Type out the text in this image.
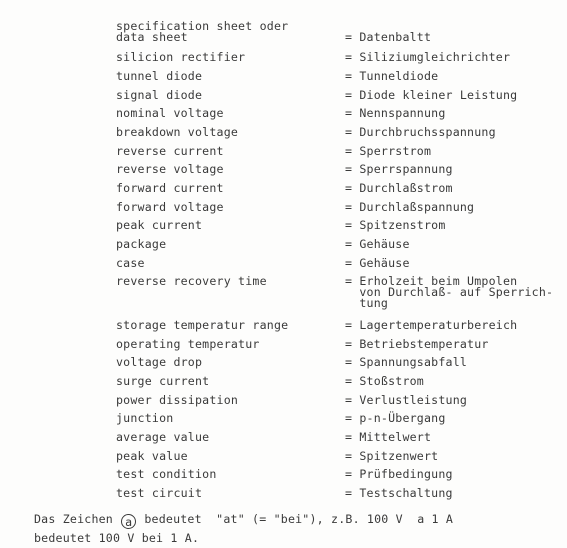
specification sheet oder
data sheet	= Datenbaltt
silicion rectifier	= Siliziumgleichrichter
tunnel diode	= Tunneldiode
signal diode	= Diode kleiner Leistung
nominal voltage	= Nennspannung
breakdown voltage	= Durchbruchsspannung
reverse current	= Sperrstrom
reverse voltage	= Sperrspannung
forward current	= Durchlaßstrom
forward voltage	= Durchlaßspannung
peak current	= Spitzenstrom
package	= Gehäuse
case	= Gehäuse
reverse recovery time	= Erholzeit beim Umpolen
von Durchlaß- auf Sperrich-
tung
storage temperatur range	= Lagertemperaturbereich
operating temperatur	= Betriebstemperatur
voltage drop	= Spannungsabfall
surge current	= Stoßstrom
power dissipation	= Verlustleistung
junction	= p-n-Übergang
average value	= Mittelwert
peak value	= Spitzenwert
test condition	= Prüfbedingung
test circuit	= Testschaltung
Das Zeichen a bedeutet  "at" (= "bei"), z.B. 100 V  a 1 A
bedeutet 100 V bei 1 A.
